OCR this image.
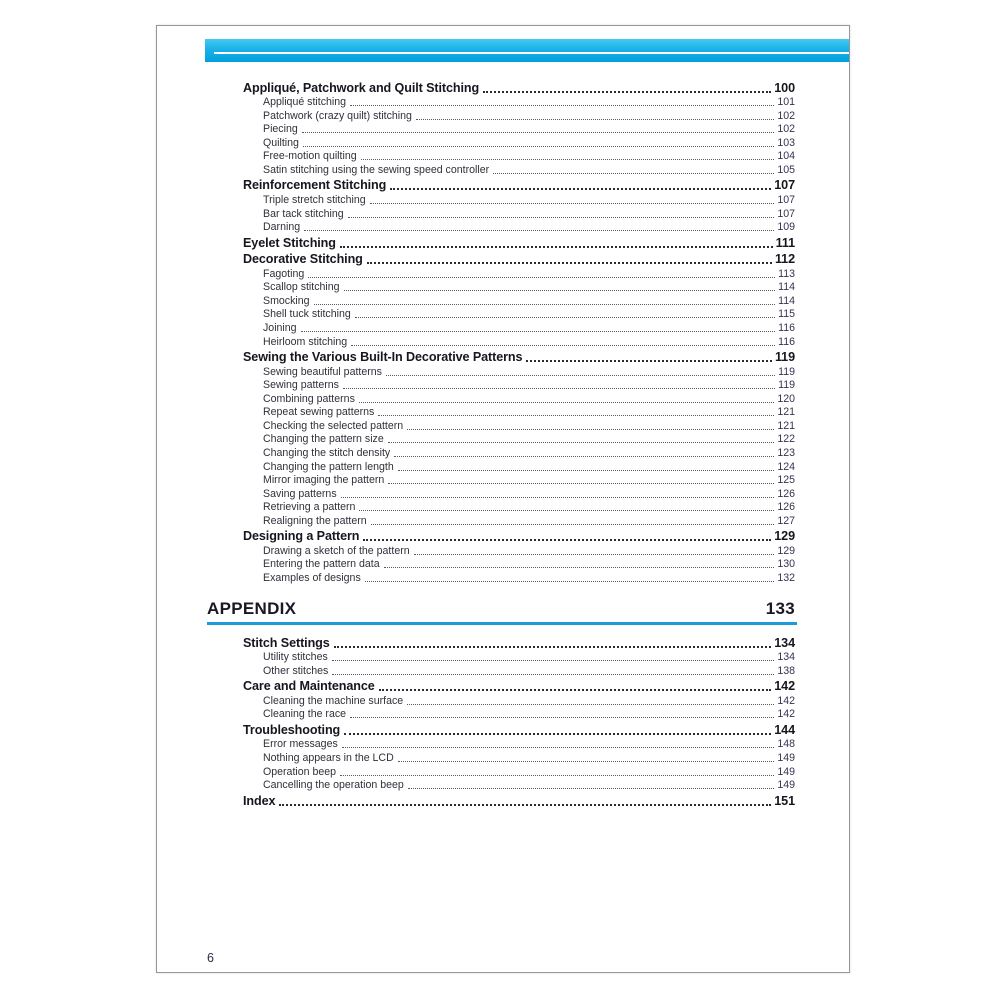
Appliqué, Patchwork and Quilt Stitching	100
Appliqué stitching	101
Patchwork (crazy quilt) stitching	102
Piecing	102
Quilting	103
Free-motion quilting	104
Satin stitching using the sewing speed controller	105
Reinforcement Stitching	107
Triple stretch stitching	107
Bar tack stitching	107
Darning	109
Eyelet Stitching	111
Decorative Stitching	112
Fagoting	113
Scallop stitching	114
Smocking	114
Shell tuck stitching	115
Joining	116
Heirloom stitching	116
Sewing the Various Built-In Decorative Patterns	119
Sewing beautiful patterns	119
Sewing patterns	119
Combining patterns	120
Repeat sewing patterns	121
Checking the selected pattern	121
Changing the pattern size	122
Changing the stitch density	123
Changing the pattern length	124
Mirror imaging the pattern	125
Saving patterns	126
Retrieving a pattern	126
Realigning the pattern	127
Designing a Pattern	129
Drawing a sketch of the pattern	129
Entering the pattern data	130
Examples of designs	132
APPENDIX	133
Stitch Settings	134
Utility stitches	134
Other stitches	138
Care and Maintenance	142
Cleaning the machine surface	142
Cleaning the race	142
Troubleshooting	144
Error messages	148
Nothing appears in the LCD	149
Operation beep	149
Cancelling the operation beep	149
Index	151
6
